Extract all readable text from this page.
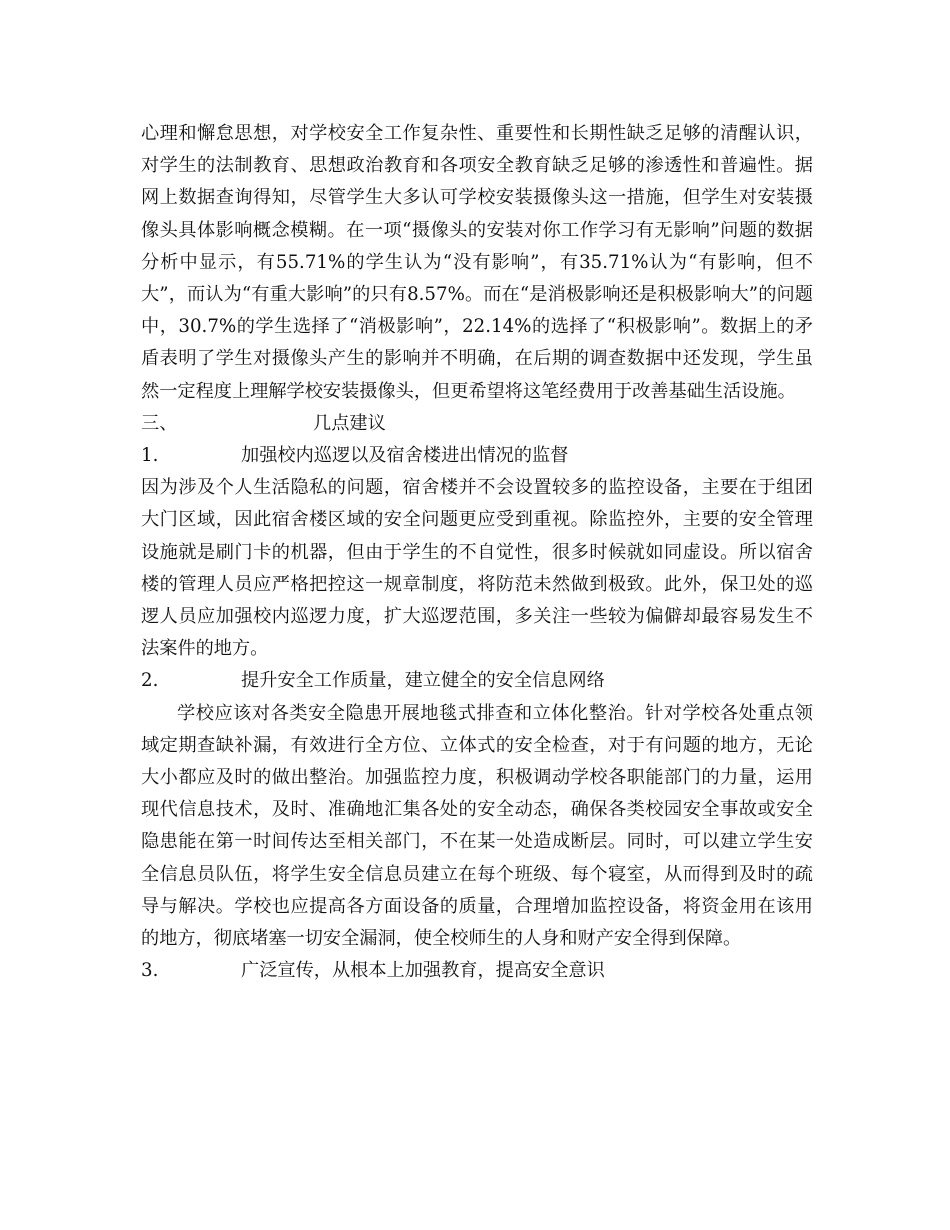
心理和懈怠思想，对学校安全工作复杂性、重要性和长期性缺乏足够的清醒认识，对学生的法制教育、思想政治教育和各项安全教育缺乏足够的渗透性和普遍性。据网上数据查询得知，尽管学生大多认可学校安装摄像头这一措施，但学生对安装摄像头具体影响概念模糊。在一项“摄像头的安装对你工作学习有无影响”问题的数据分析中显示，有55.71%的学生认为“没有影响”，有35.71%认为“有影响，但不大”，而认为“有重大影响”的只有8.57%。而在“是消极影响还是积极影响大”的问题中，30.7%的学生选择了“消极影响”，22.14%的选择了“积极影响”。数据上的矛盾表明了学生对摄像头产生的影响并不明确，在后期的调查数据中还发现，学生虽然一定程度上理解学校安装摄像头，但更希望将这笔经费用于改善基础生活设施。

三、	几点建议
1.	加强校内巡逻以及宿舍楼进出情况的监督

因为涉及个人生活隐私的问题，宿舍楼并不会设置较多的监控设备，主要在于组团大门区域，因此宿舍楼区域的安全问题更应受到重视。除监控外，主要的安全管理设施就是刷门卡的机器，但由于学生的不自觉性，很多时候就如同虚设。所以宿舍楼的管理人员应严格把控这一规章制度，将防范未然做到极致。此外，保卫处的巡逻人员应加强校内巡逻力度，扩大巡逻范围，多关注一些较为偏僻却最容易发生不法案件的地方。

2.	提升安全工作质量，建立健全的安全信息网络

学校应该对各类安全隐患开展地毯式排查和立体化整治。针对学校各处重点领域定期查缺补漏，有效进行全方位、立体式的安全检查，对于有问题的地方，无论大小都应及时的做出整治。加强监控力度，积极调动学校各职能部门的力量，运用现代信息技术，及时、准确地汇集各处的安全动态，确保各类校园安全事故或安全隐患能在第一时间传达至相关部门，不在某一处造成断层。同时，可以建立学生安全信息员队伍，将学生安全信息员建立在每个班级、每个寝室，从而得到及时的疏导与解决。学校也应提高各方面设备的质量，合理增加监控设备，将资金用在该用的地方，彻底堵塞一切安全漏洞，使全校师生的人身和财产安全得到保障。

3.	广泛宣传，从根本上加强教育，提高安全意识
